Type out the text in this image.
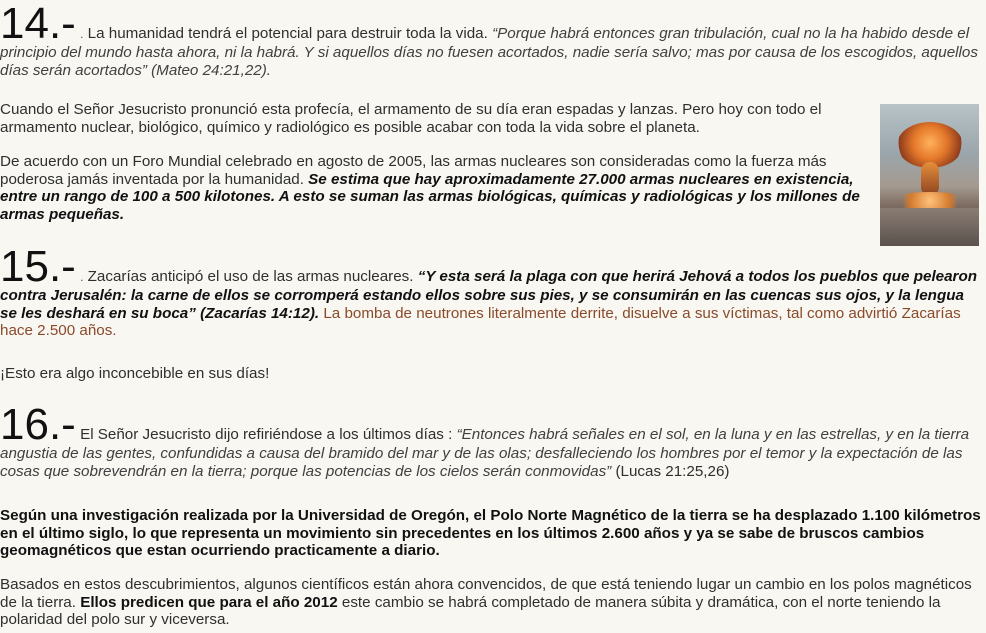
14.- . La humanidad tendrá el potencial para destruir toda la vida. “Porque habrá entonces gran tribulación, cual no la ha habido desde el principio del mundo hasta ahora, ni la habrá. Y si aquellos días no fuesen acortados, nadie sería salvo; mas por causa de los escogidos, aquellos días serán acortados” (Mateo 24:21,22).

Cuando el Señor Jesucristo pronunció esta profecía, el armamento de su día eran espadas y lanzas. Pero hoy con todo el armamento nuclear, biológico, químico y radiológico es posible acabar con toda la vida sobre el planeta.

De acuerdo con un Foro Mundial celebrado en agosto de 2005, las armas nucleares son consideradas como la fuerza más poderosa jamás inventada por la humanidad. Se estima que hay aproximadamente 27.000 armas nucleares en existencia, entre un rango de 100 a 500 kilotones. A esto se suman las armas biológicas, químicas y radiológicas y los millones de armas pequeñas.

15.- . Zacarías anticipó el uso de las armas nucleares. “Y esta será la plaga con que herirá Jehová a todos los pueblos que pelearon contra Jerusalén: la carne de ellos se corromperá estando ellos sobre sus pies, y se consumirán en las cuencas sus ojos, y la lengua se les deshará en su boca” (Zacarías 14:12). La bomba de neutrones literalmente derrite, disuelve a sus víctimas, tal como advirtió Zacarías hace 2.500 años.

¡Esto era algo inconcebible en sus días!

16.- El Señor Jesucristo dijo refiriéndose a los últimos días : “Entonces habrá señales en el sol, en la luna y en las estrellas, y en la tierra angustia de las gentes, confundidas a causa del bramido del mar y de las olas; desfalleciendo los hombres por el temor y la expectación de las cosas que sobrevendrán en la tierra; porque las potencias de los cielos serán conmovidas” (Lucas 21:25,26)

Según una investigación realizada por la Universidad de Oregón, el Polo Norte Magnético de la tierra se ha desplazado 1.100 kilómetros en el último siglo, lo que representa un movimiento sin precedentes en los últimos 2.600 años y ya se sabe de bruscos cambios geomagnéticos que estan ocurriendo practicamente a diario.

Basados en estos descubrimientos, algunos científicos están ahora convencidos, de que está teniendo lugar un cambio en los polos magnéticos de la tierra. Ellos predicen que para el año 2012 este cambio se habrá completado de manera súbita y dramática, con el norte teniendo la polaridad del polo sur y viceversa.
